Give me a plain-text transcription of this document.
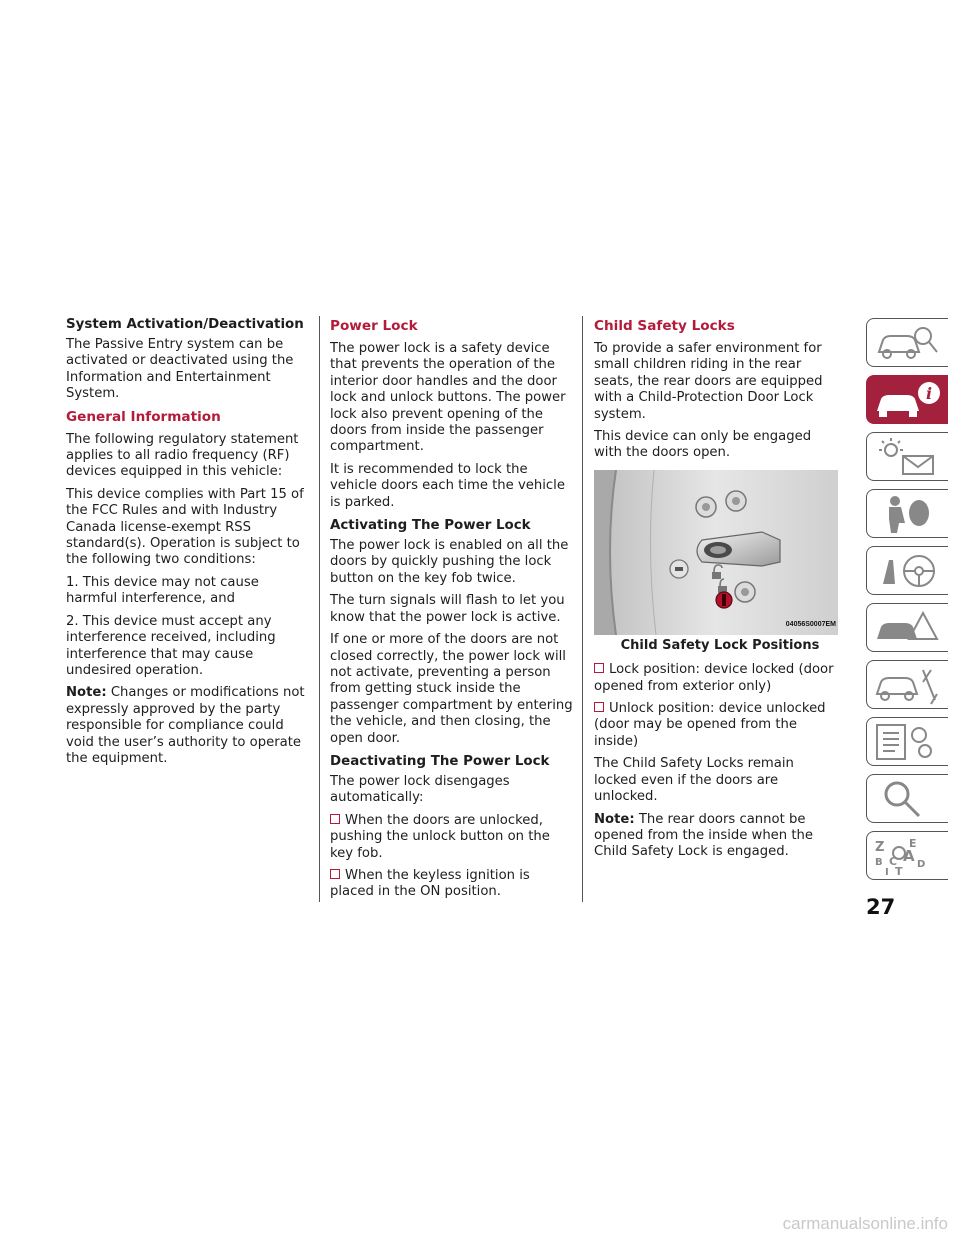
System Activation/Deactivation

The Passive Entry system can be activated or deactivated using the Information and Entertainment System.

General Information

The following regulatory statement applies to all radio frequency (RF) devices equipped in this vehicle:

This device complies with Part 15 of the FCC Rules and with Industry Canada license-exempt RSS standard(s). Operation is subject to the following two conditions:

1. This device may not cause harmful interference, and

2. This device must accept any interference received, including interference that may cause undesired operation.

Note: Changes or modifications not expressly approved by the party responsible for compliance could void the user’s authority to operate the equipment.

Power Lock

The power lock is a safety device that prevents the operation of the interior door handles and the door lock and unlock buttons. The power lock also prevent opening of the doors from inside the passenger compartment.

It is recommended to lock the vehicle doors each time the vehicle is parked.

Activating The Power Lock

The power lock is enabled on all the doors by quickly pushing the lock button on the key fob twice.

The turn signals will flash to let you know that the power lock is active.

If one or more of the doors are not closed correctly, the power lock will not activate, preventing a person from getting stuck inside the passenger compartment by entering the vehicle, and then closing, the open door.

Deactivating The Power Lock

The power lock disengages automatically:

When the doors are unlocked, pushing the unlock button on the key fob.

When the keyless ignition is placed in the ON position.

Child Safety Locks

To provide a safer environment for small children riding in the rear seats, the rear doors are equipped with a Child-Protection Door Lock system.

This device can only be engaged with the doors open.

04056S0007EM
Child Safety Lock Positions

Lock position: device locked (door opened from exterior only)

Unlock position: device unlocked (door may be opened from the inside)

The Child Safety Locks remain locked even if the doors are unlocked.

Note: The rear doors cannot be opened from the inside when the Child Safety Lock is engaged.

i
Z E
A
B C D
T
I
27
carmanualsonline.info
